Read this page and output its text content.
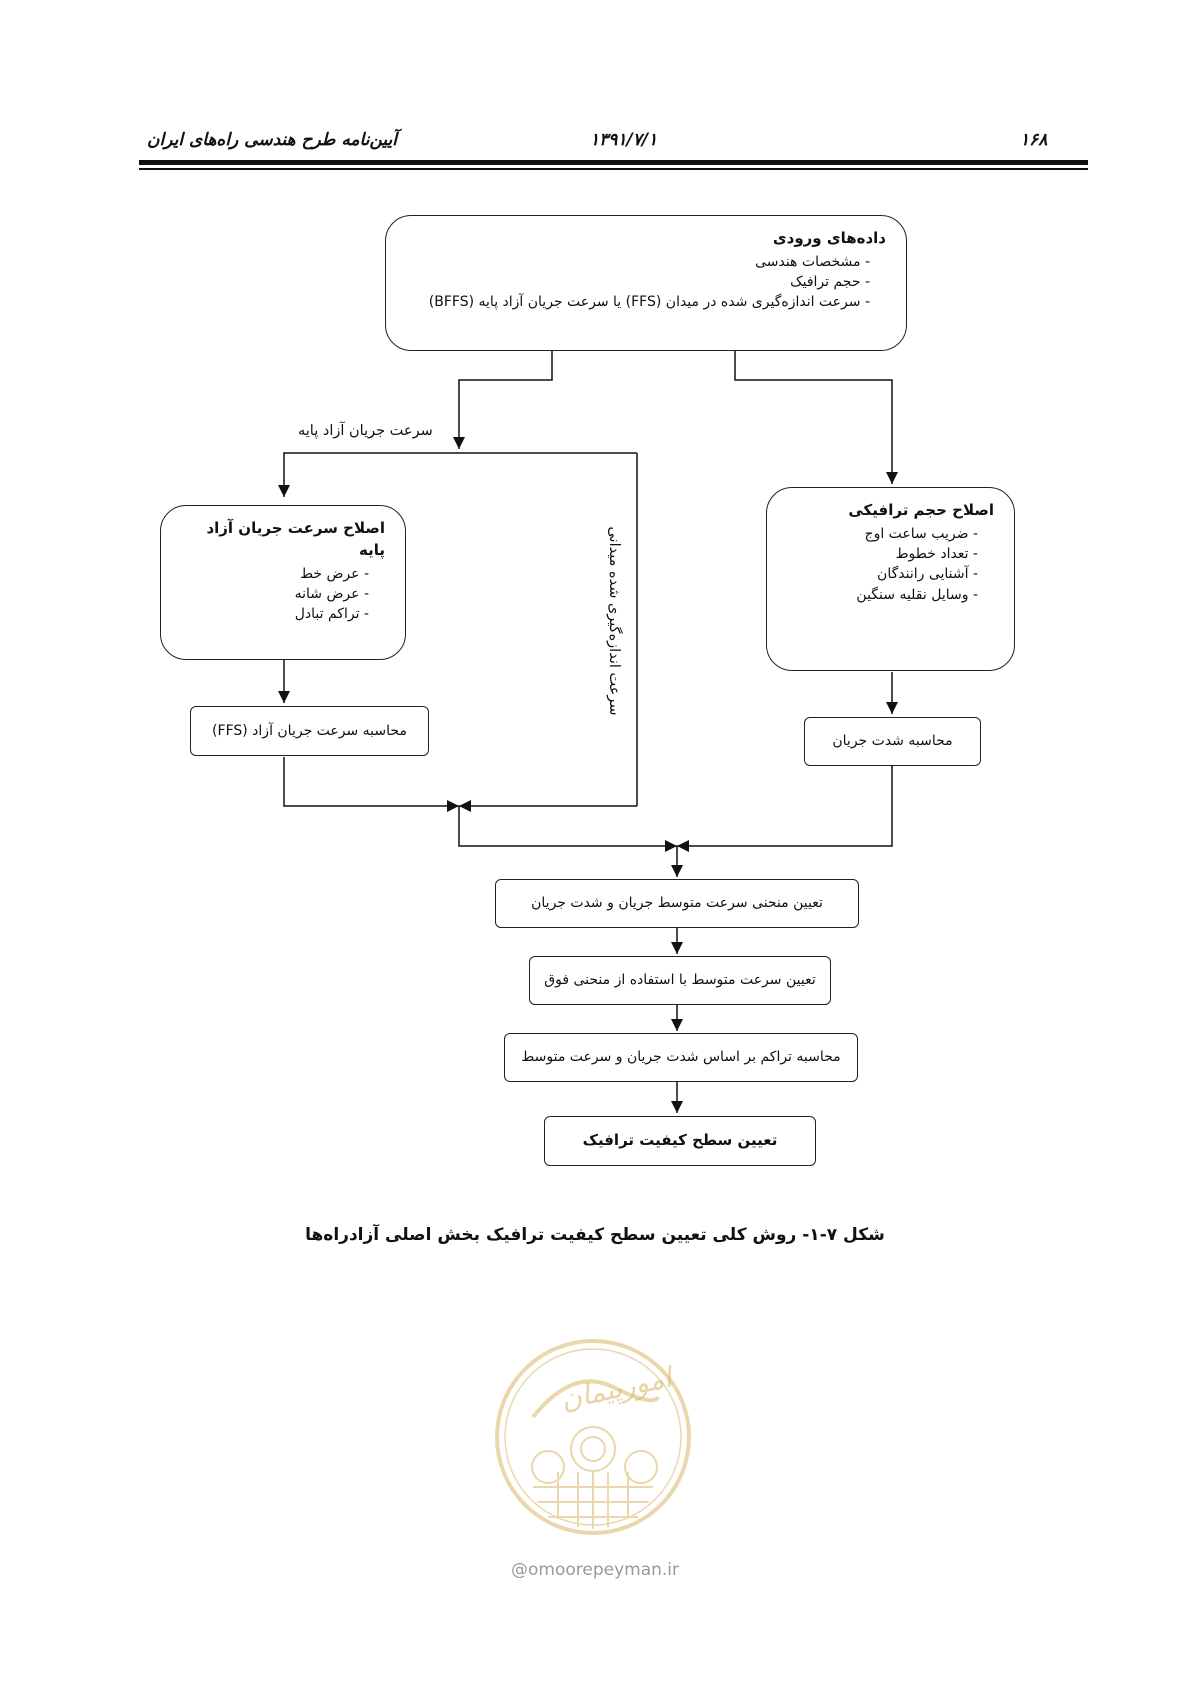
۱۶۸
۱۳۹۱/۷/۱
آیین‌نامه طرح هندسی راه‌های ایران
داده‌های ورودی
- مشخصات هندسی
- حجم ترافیک
- سرعت اندازه‌گیری شده در میدان (FFS) یا سرعت جریان آزاد پایه (BFFS)
سرعت جریان آزاد پایه
سرعت اندازه‌گیری شده میدانی
اصلاح سرعت جریان آزاد پایه
- عرض خط
- عرض شانه
- تراکم تبادل
اصلاح حجم ترافیکی
- ضریب ساعت اوج
- تعداد خطوط
- آشنایی رانندگان
- وسایل نقلیه سنگین
محاسبه سرعت جریان آزاد (FFS)
محاسبه شدت جریان
تعیین منحنی سرعت متوسط جریان و شدت جریان
تعیین سرعت متوسط با استفاده از منحنی فوق
محاسبه تراکم بر اساس شدت جریان و سرعت متوسط
تعیین سطح کیفیت ترافیک
شکل ۷-۱- روش کلی تعیین سطح کیفیت ترافیک بخش اصلی آزادراه‌ها
امورپیمان
@omoorepeyman.ir
